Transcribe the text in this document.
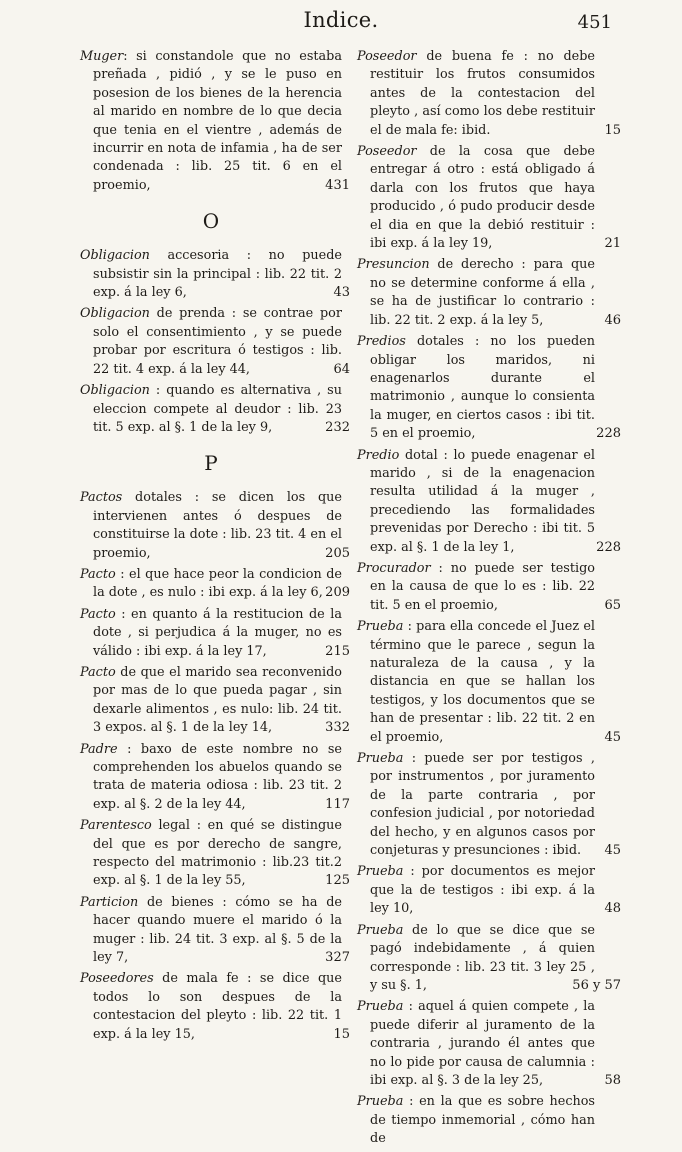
Indice.	451

Muger: si constandole que no estaba preñada , pidió , y se le puso en posesion de los bienes de la herencia al marido en nombre de lo que decia que tenia en el vientre , además de incurrir en nota de infamia , ha de ser condenada : lib. 25 tit. 6 en el proemio,	431

O

Obligacion accesoria : no puede subsistir sin la principal : lib. 22 tit. 2 exp. á la ley 6,	43

Obligacion de prenda : se contrae por solo el consentimiento , y se puede probar por escritura ó testigos : lib. 22 tit. 4 exp. á la ley 44,	64

Obligacion : quando es alternativa , su eleccion compete al deudor : lib. 23 tit. 5 exp. al §. 1 de la ley 9,	232

P

Pactos dotales : se dicen los que intervienen antes ó despues de constituirse la dote : lib. 23 tit. 4 en el proemio,	205

Pacto : el que hace peor la condicion de la dote , es nulo : ibi exp. á la ley 6, 209

Pacto : en quanto á la restitucion de la dote , si perjudica á la muger, no es válido : ibi exp. á la ley 17,	215

Pacto de que el marido sea reconvenido por mas de lo que pueda pagar , sin dexarle alimentos , es nulo: lib. 24 tit. 3 expos. al §. 1 de la ley 14,	332

Padre : baxo de este nombre no se comprehenden los abuelos quando se trata de materia odiosa : lib. 23 tit. 2 exp. al §. 2 de la ley 44,	117

Parentesco legal : en qué se distingue del que es por derecho de sangre, respecto del matrimonio : lib.23 tit.2 exp. al §. 1 de la ley 55,	125

Particion de bienes : cómo se ha de hacer quando muere el marido ó la muger : lib. 24 tit. 3 exp. al §. 5 de la ley 7,	327

Poseedores de mala fe : se dice que todos lo son despues de la contestacion del pleyto : lib. 22 tit. 1 exp. á la ley 15,	15

Poseedor de buena fe : no debe restituir los frutos consumidos antes de la contestacion del pleyto , así como los debe restituir el de mala fe: ibid.	15

Poseedor de la cosa que debe entregar á otro : está obligado á darla con los frutos que haya producido , ó pudo producir desde el dia en que la debió restituir : ibi exp. á la ley 19,	21

Presuncion de derecho : para que no se determine conforme á ella , se ha de justificar lo contrario : lib. 22 tit. 2 exp. á la ley 5,	46

Predios dotales : no los pueden obligar los maridos, ni enagenarlos durante el matrimonio , aunque lo consienta la muger, en ciertos casos : ibi tit. 5 en el proemio,	228

Predio dotal : lo puede enagenar el marido , si de la enagenacion resulta utilidad á la muger , precediendo las formalidades prevenidas por Derecho : ibi tit. 5 exp. al §. 1 de la ley 1,	228

Procurador : no puede ser testigo en la causa de que lo es : lib. 22 tit. 5 en el proemio,	65

Prueba : para ella concede el Juez el término que le parece , segun la naturaleza de la causa , y la distancia en que se hallan los testigos, y los documentos que se han de presentar : lib. 22 tit. 2 en el proemio,	45

Prueba : puede ser por testigos , por instrumentos , por juramento de la parte contraria , por confesion judicial , por notoriedad del hecho, y en algunos casos por conjeturas y presunciones : ibid. 45

Prueba : por documentos es mejor que la de testigos : ibi exp. á la ley 10,	48

Prueba de lo que se dice que se pagó indebidamente , á quien corresponde : lib. 23 tit. 3 ley 25 , y su §. 1,	56 y 57

Prueba : aquel á quien compete , la puede diferir al juramento de la contraria , jurando él antes que no lo pide por causa de calumnia : ibi exp. al §. 3 de la ley 25,	58

Prueba : en la que es sobre hechos de tiempo inmemorial , cómo han de
